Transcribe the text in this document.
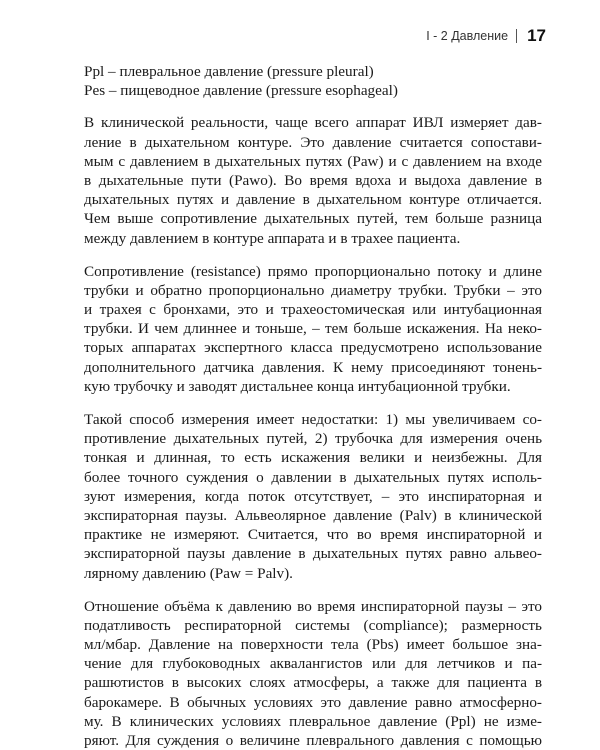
I - 2 Давление	17

Ppl – плевральное давление (pressure pleural)

Pes – пищеводное давление (pressure esophageal)

В клинической реальности, чаще всего аппарат ИВЛ измеряет дав-
ление в дыхательном контуре. Это давление считается сопостави-
мым с давлением в дыхательных путях (Paw) и с давлением на входе
в дыхательные пути (Pawo). Во время вдоха и выдоха давление в
дыхательных путях и давление в дыхательном контуре отличается.
Чем выше сопротивление дыхательных путей, тем больше разница
между давлением в контуре аппарата и в трахее пациента.
Сопротивление (resistance) прямо пропорционально потоку и длине
трубки и обратно пропорционально диаметру трубки. Трубки – это
и трахея с бронхами, это и трахеостомическая или интубационная
трубки. И чем длиннее и тоньше, – тем больше искажения. На неко-
торых аппаратах экспертного класса предусмотрено использование
дополнительного датчика давления. К нему присоединяют тонень-
кую трубочку и заводят дистальнее конца интубационной трубки.
Такой способ измерения имеет недостатки: 1) мы увеличиваем со-
противление дыхательных путей, 2) трубочка для измерения очень
тонкая и длинная, то есть искажения велики и неизбежны. Для
более точного суждения о давлении в дыхательных путях исполь-
зуют измерения, когда поток отсутствует, – это инспираторная и
экспираторная паузы. Альвеолярное давление (Palv) в клинической
практике не измеряют. Считается, что во время инспираторной и
экспираторной паузы давление в дыхательных путях равно альвео-
лярному давлению (Paw = Palv).
Отношение объёма к давлению во время инспираторной паузы – это
податливость респираторной системы (compliance); размерность
мл/мбар. Давление на поверхности тела (Pbs) имеет большое зна-
чение для глубоководных аквалангистов или для летчиков и па-
рашютистов в высоких слоях атмосферы, а также для пациента в
барокамере. В обычных условиях это давление равно атмосферно-
му. В клинических условиях плевральное давление (Ppl) не изме-
ряют. Для суждения о величине плеврального давления с помощью
